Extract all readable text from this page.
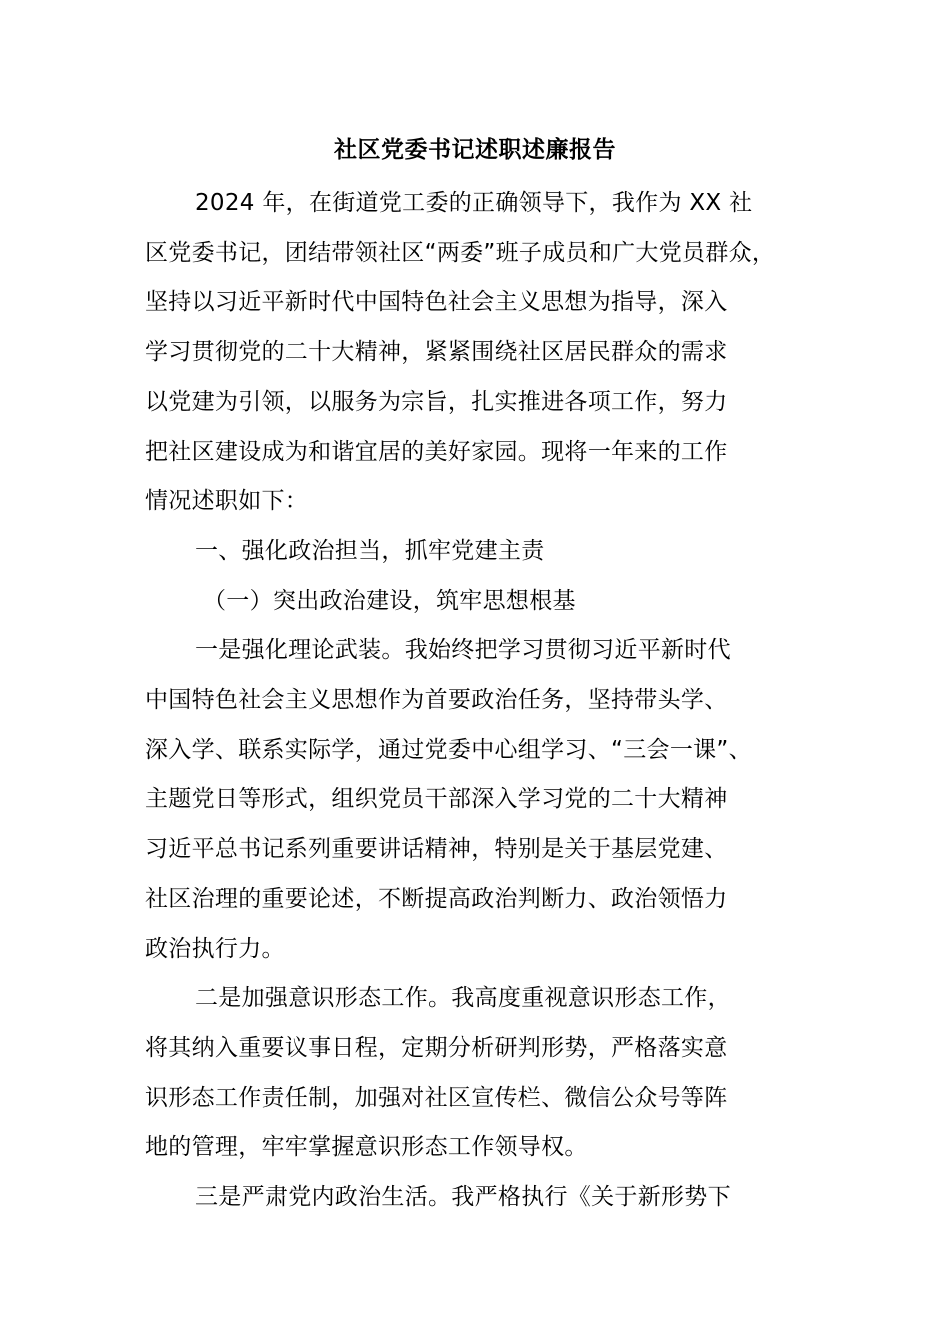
社区党委书记述职述廉报告
2024 年，在街道党工委的正确领导下，我作为 XX 社
区党委书记，团结带领社区“两委”班子成员和广大党员群众，
坚持以习近平新时代中国特色社会主义思想为指导，深入
学习贯彻党的二十大精神，紧紧围绕社区居民群众的需求
以党建为引领，以服务为宗旨，扎实推进各项工作，努力
把社区建设成为和谐宜居的美好家园。现将一年来的工作
情况述职如下：
一、强化政治担当，抓牢党建主责
（一）突出政治建设，筑牢思想根基
一是强化理论武装。我始终把学习贯彻习近平新时代
中国特色社会主义思想作为首要政治任务，坚持带头学、
深入学、联系实际学，通过党委中心组学习、“三会一课”、
主题党日等形式，组织党员干部深入学习党的二十大精神
习近平总书记系列重要讲话精神，特别是关于基层党建、
社区治理的重要论述，不断提高政治判断力、政治领悟力
政治执行力。
二是加强意识形态工作。我高度重视意识形态工作，
将其纳入重要议事日程，定期分析研判形势，严格落实意
识形态工作责任制，加强对社区宣传栏、微信公众号等阵
地的管理，牢牢掌握意识形态工作领导权。
三是严肃党内政治生活。我严格执行《关于新形势下
